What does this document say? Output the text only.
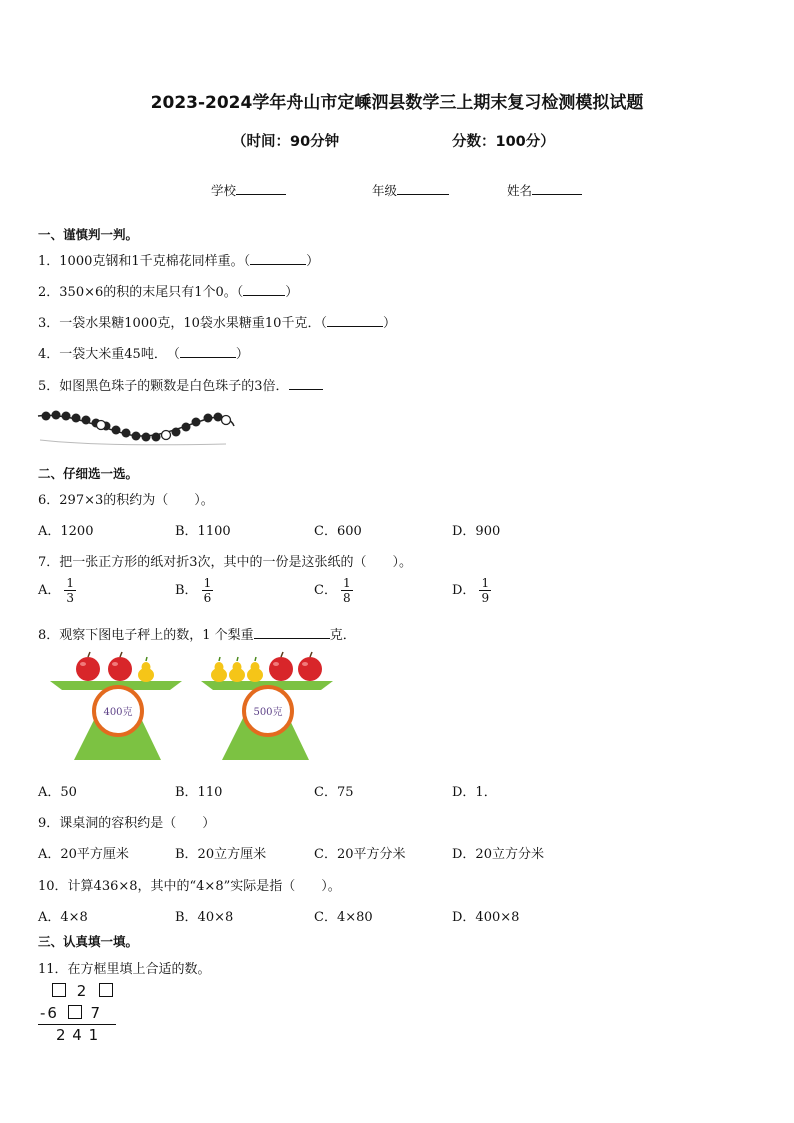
2023-2024学年舟山市定嵊泗县数学三上期末复习检测模拟试题
（时间：90分钟	分数：100分）
学校	年级	姓名
一、谨慎判一判。
1．1000克钢和1千克棉花同样重。（	）
2．350×6的积的末尾只有1个0。（	）
3．一袋水果糖1000克，10袋水果糖重10千克．（	）
4．一袋大米重45吨．　（	）
5．如图黑色珠子的颗数是白色珠子的3倍．
二、仔细选一选。
6．297×3的积约为（　　）。
A．1200	B．1100	C．600	D．900
7．把一张正方形的纸对折3次，其中的一份是这张纸的（　　）。
A． $\frac{1}{3}$	B． $\frac{1}{6}$	C． $\frac{1}{8}$	D． $\frac{1}{9}$
8．观察下图电子秤上的数，1 个梨重	克．
400克	500克
A．50	B．110	C．75	D．1．
9．课桌洞的容积约是（　　）
A．20平方厘米	B．20立方厘米	C．20平方分米	D．20立方分米
10．计算436×8，其中的“4×8”实际是指（　　）。
A．4×8	B．40×8	C．4×80	D．400×8
三、认真填一填。
11．在方框里填上合适的数。
2
-6 7
2 4 1
